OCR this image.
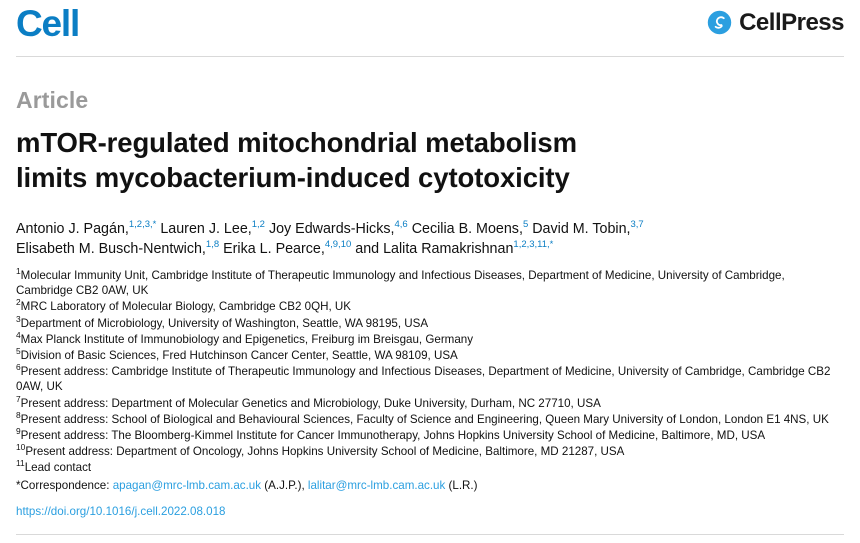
Cell	CellPress
Article
mTOR-regulated mitochondrial metabolism
limits mycobacterium-induced cytotoxicity
Antonio J. Pagán,$^{1,2,3,*}$ Lauren J. Lee,$^{1,2}$ Joy Edwards-Hicks,$^{4,6}$ Cecilia B. Moens,$^5$ David M. Tobin,$^{3,7}$
Elisabeth M. Busch-Nentwich,$^{1,8}$ Erika L. Pearce,$^{4,9,10}$ and Lalita Ramakrishnan$^{1,2,3,11,*}$

$^1$Molecular Immunity Unit, Cambridge Institute of Therapeutic Immunology and Infectious Diseases, Department of Medicine, University of Cambridge, Cambridge CB2 0AW, UK

$^2$MRC Laboratory of Molecular Biology, Cambridge CB2 0QH, UK

$^3$Department of Microbiology, University of Washington, Seattle, WA 98195, USA

$^4$Max Planck Institute of Immunobiology and Epigenetics, Freiburg im Breisgau, Germany

$^5$Division of Basic Sciences, Fred Hutchinson Cancer Center, Seattle, WA 98109, USA

$^6$Present address: Cambridge Institute of Therapeutic Immunology and Infectious Diseases, Department of Medicine, University of Cambridge, Cambridge CB2 0AW, UK

$^7$Present address: Department of Molecular Genetics and Microbiology, Duke University, Durham, NC 27710, USA

$^8$Present address: School of Biological and Behavioural Sciences, Faculty of Science and Engineering, Queen Mary University of London, London E1 4NS, UK

$^9$Present address: The Bloomberg-Kimmel Institute for Cancer Immunotherapy, Johns Hopkins University School of Medicine, Baltimore, MD, USA

$^{10}$Present address: Department of Oncology, Johns Hopkins University School of Medicine, Baltimore, MD 21287, USA

$^{11}$Lead contact

*Correspondence: apagan@mrc-lmb.cam.ac.uk (A.J.P.), lalitar@mrc-lmb.cam.ac.uk (L.R.)

https://doi.org/10.1016/j.cell.2022.08.018
